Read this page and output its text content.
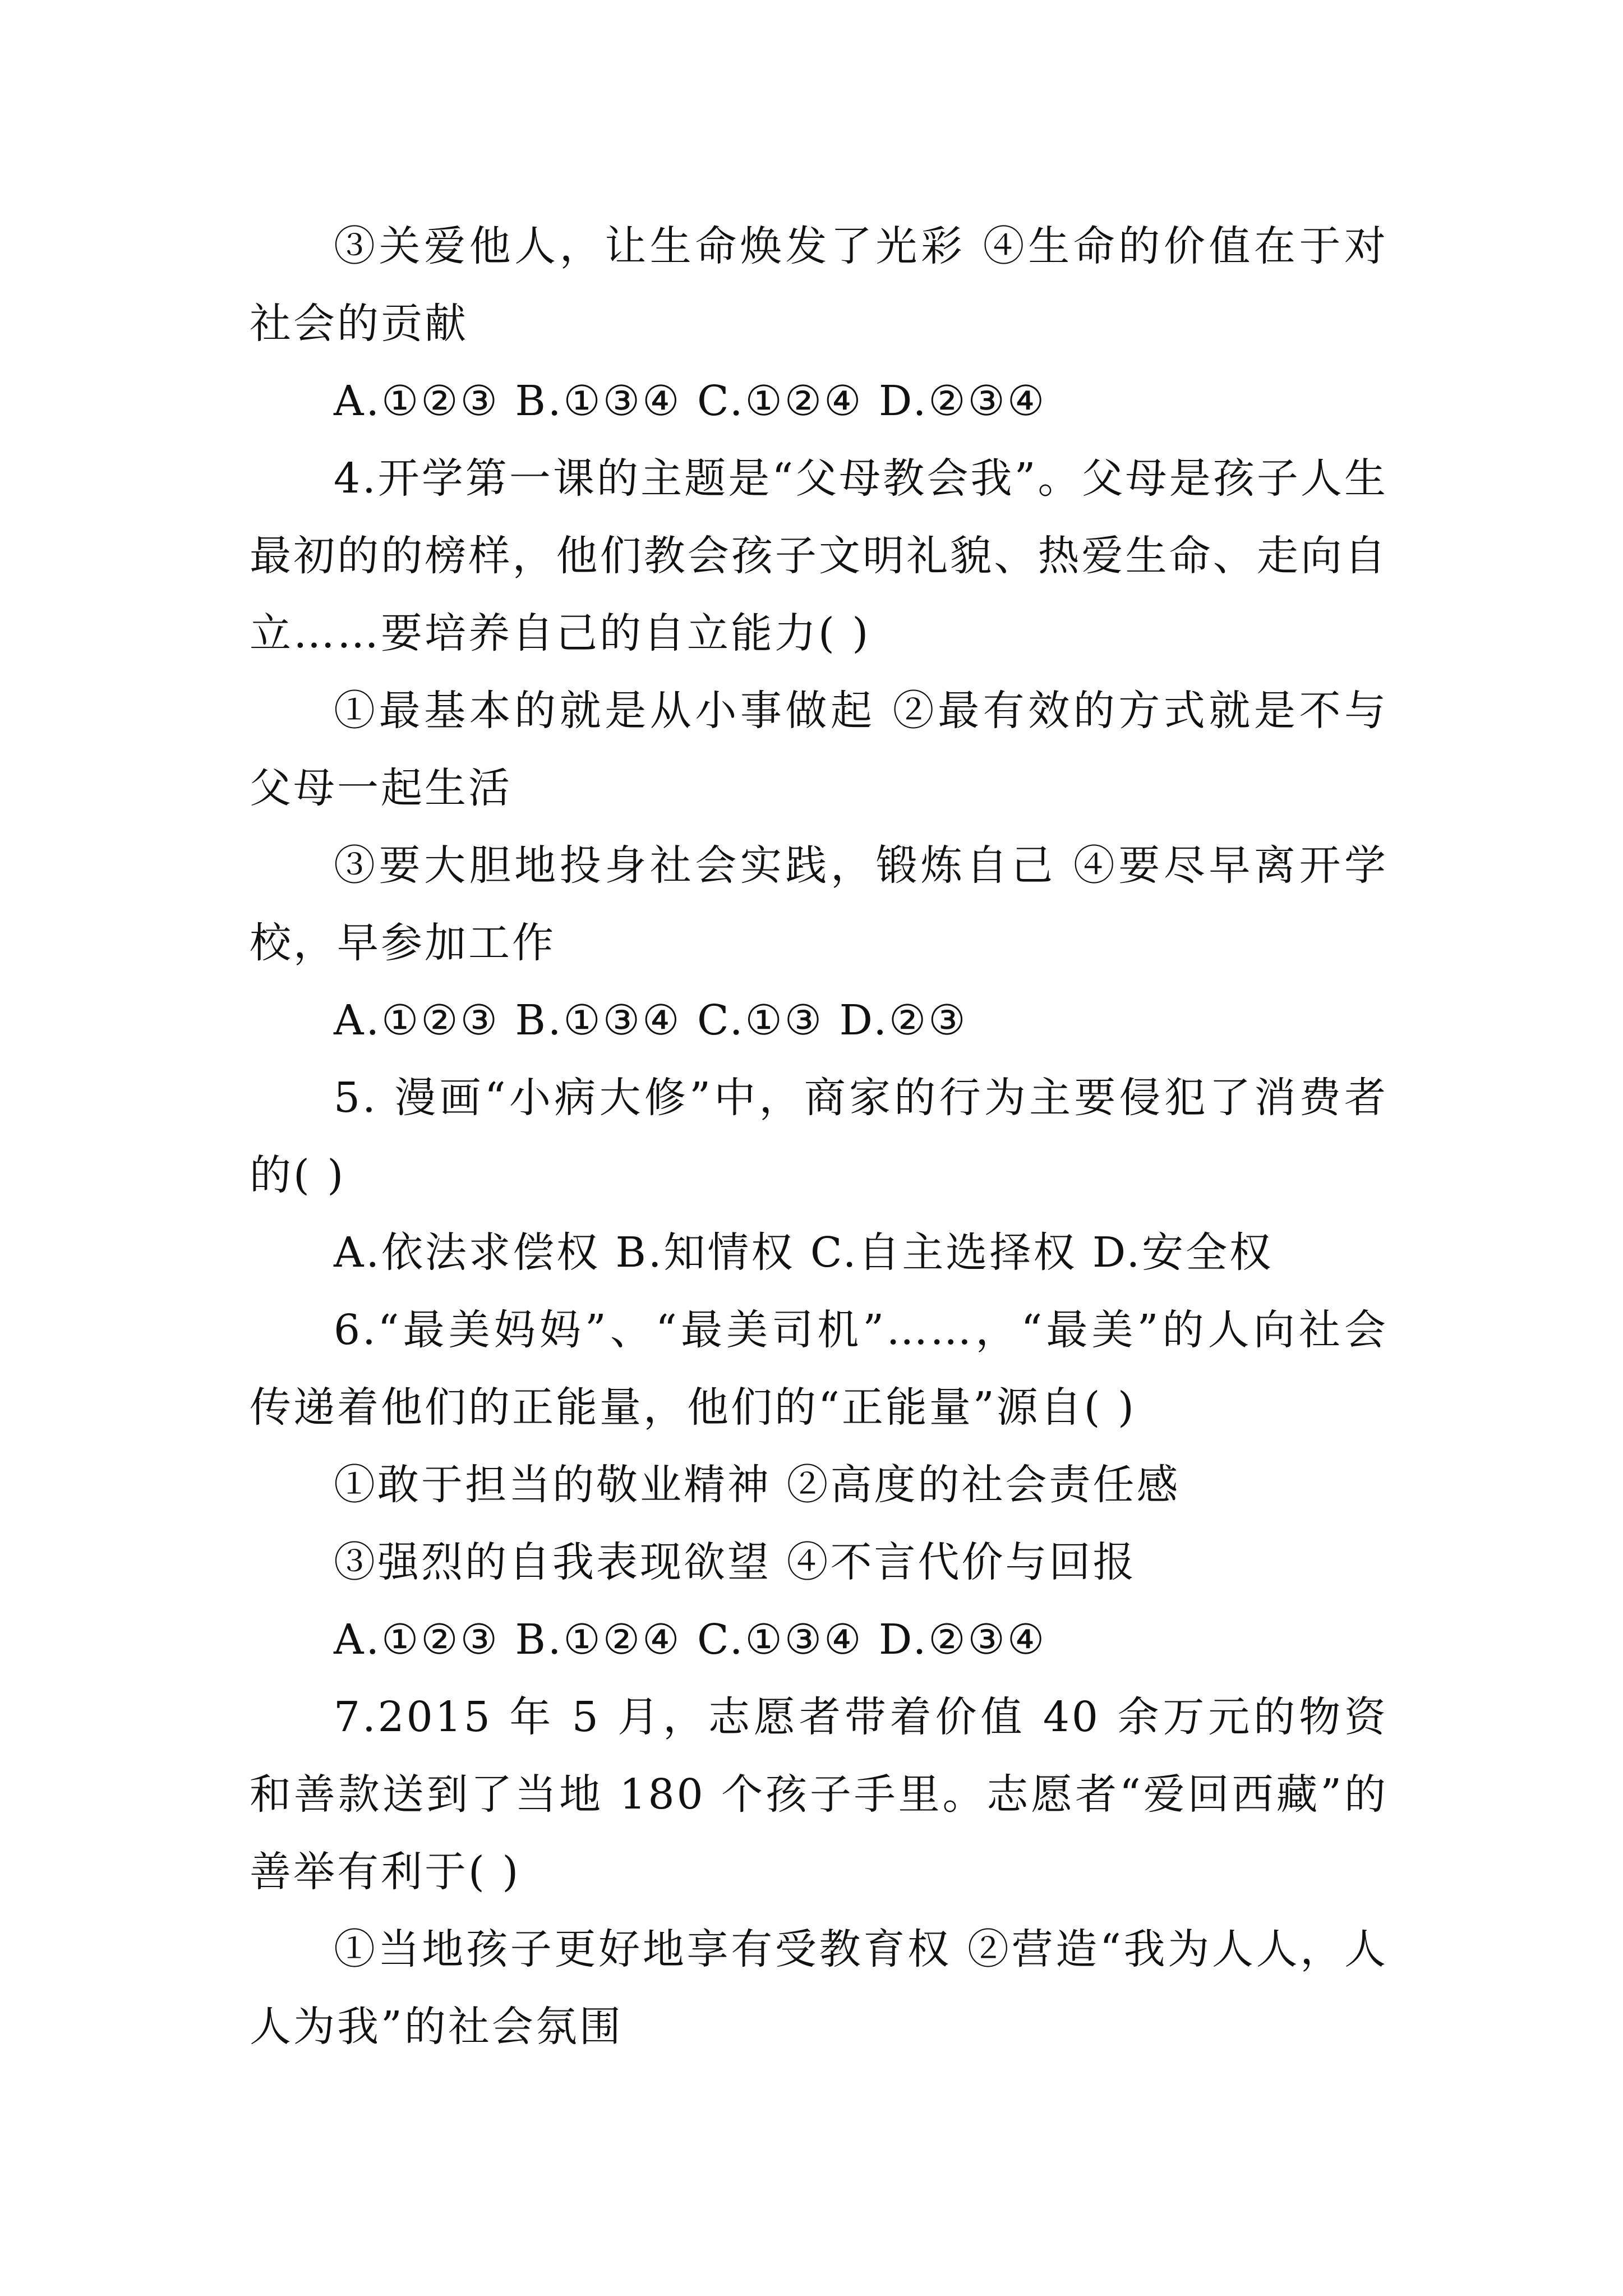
③关爱他人，让生命焕发了光彩 ④生命的价值在于对社会的贡献

A.①②③ B.①③④ C.①②④ D.②③④

4.开学第一课的主题是“父母教会我”。父母是孩子人生最初的的榜样，他们教会孩子文明礼貌、热爱生命、走向自立……要培养自己的自立能力( )

①最基本的就是从小事做起 ②最有效的方式就是不与父母一起生活

③要大胆地投身社会实践，锻炼自己 ④要尽早离开学校，早参加工作

A.①②③ B.①③④ C.①③ D.②③

5. 漫画“小病大修”中，商家的行为主要侵犯了消费者的( )

A.依法求偿权 B.知情权 C.自主选择权 D.安全权

6.“最美妈妈”、“最美司机”……，“最美”的人向社会传递着他们的正能量，他们的“正能量”源自( )

①敢于担当的敬业精神 ②高度的社会责任感

③强烈的自我表现欲望 ④不言代价与回报

A.①②③ B.①②④ C.①③④ D.②③④

7.2015 年 5 月，志愿者带着价值 40 余万元的物资和善款送到了当地 180 个孩子手里。志愿者“爱回西藏”的善举有利于( )

①当地孩子更好地享有受教育权 ②营造“我为人人，人人为我”的社会氛围
